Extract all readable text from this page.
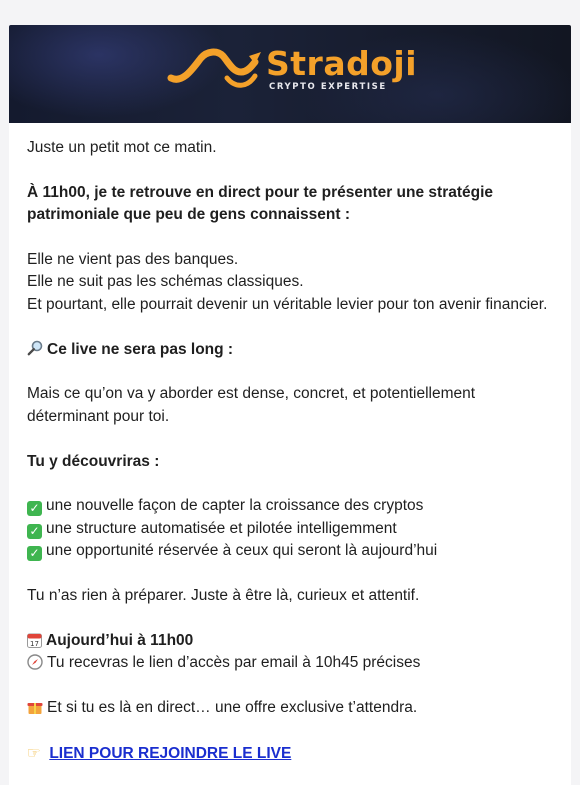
Stradoji
CRYPTO EXPERTISE

Juste un petit mot ce matin.

À 11h00, je te retrouve en direct pour te présenter une stratégie patrimoniale que peu de gens connaissent :

Elle ne vient pas des banques.
Elle ne suit pas les schémas classiques.
Et pourtant, elle pourrait devenir un véritable levier pour ton avenir financier.

Ce live ne sera pas long :

Mais ce qu’on va y aborder est dense, concret, et potentiellement déterminant pour toi.

Tu y découvriras :

✓ une nouvelle façon de capter la croissance des cryptos
✓ une structure automatisée et pilotée intelligemment
✓ une opportunité réservée à ceux qui seront là aujourd’hui

Tu n’as rien à préparer. Juste à être là, curieux et attentif.

17 Aujourd’hui à 11h00
Tu recevras le lien d’accès par email à 10h45 précises

Et si tu es là en direct… une offre exclusive t’attendra.

☞ LIEN POUR REJOINDRE LE LIVE
